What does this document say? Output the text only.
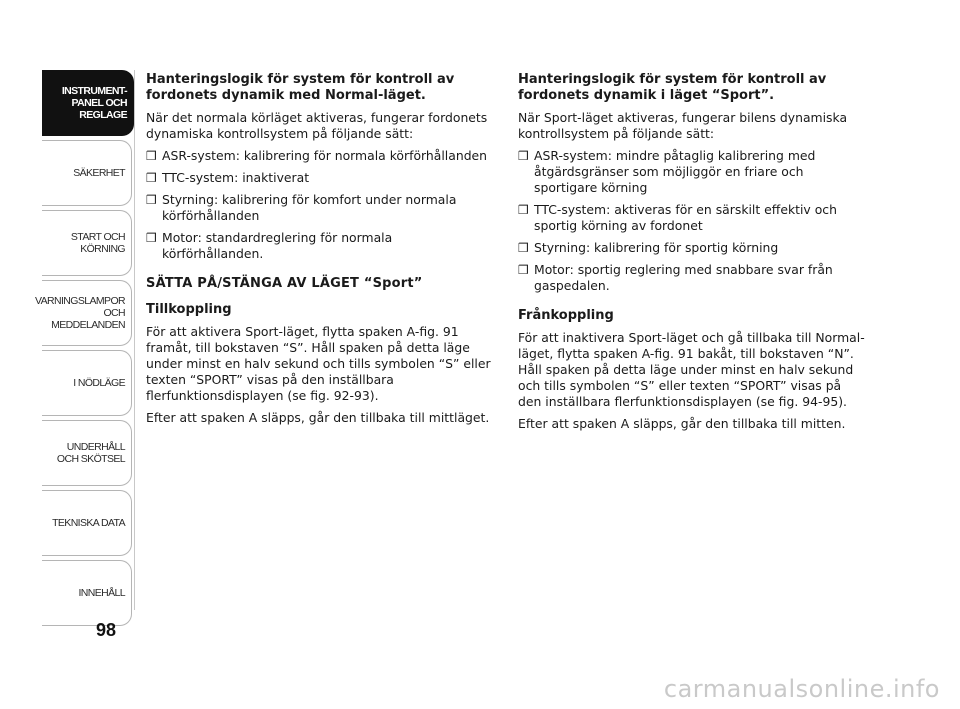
INSTRUMENT-
PANEL OCH
REGLAGE
SÄKERHET
START OCH
KÖRNING
VARNINGSLAMPOR
OCH
MEDDELANDEN
I NÖDLÄGE
UNDERHÅLL
OCH SKÖTSEL
TEKNISKA DATA
INNEHÅLL
98
Hanteringslogik för system för kontroll av fordonets dynamik med Normal-läget.
När det normala körläget aktiveras, fungerar fordonets dynamiska kontrollsystem på följande sätt:
❒ ASR-system: kalibrering för normala körförhållanden
❒ TTC-system: inaktiverat
❒ Styrning: kalibrering för komfort under normala körförhållanden
❒ Motor: standardreglering för normala körförhållanden.
SÄTTA PÅ/STÄNGA AV LÄGET “Sport”
Tillkoppling
För att aktivera Sport-läget, flytta spaken A-fig. 91 framåt, till bokstaven “S”. Håll spaken på detta läge under minst en halv sekund och tills symbolen “S” eller texten “SPORT” visas på den inställbara flerfunktionsdisplayen (se fig. 92-93).
Efter att spaken A släpps, går den tillbaka till mittläget.
Hanteringslogik för system för kontroll av fordonets dynamik i läget “Sport”.
När Sport-läget aktiveras, fungerar bilens dynamiska kontrollsystem på följande sätt:
❒ ASR-system: mindre påtaglig kalibrering med åtgärdsgränser som möjliggör en friare och sportigare körning
❒ TTC-system: aktiveras för en särskilt effektiv och sportig körning av fordonet
❒ Styrning: kalibrering för sportig körning
❒ Motor: sportig reglering med snabbare svar från gaspedalen.
Frånkoppling
För att inaktivera Sport-läget och gå tillbaka till Normal-läget, flytta spaken A-fig. 91 bakåt, till bokstaven “N”. Håll spaken på detta läge under minst en halv sekund och tills symbolen “S” eller texten “SPORT” visas på den inställbara flerfunktionsdisplayen (se fig. 94-95).
Efter att spaken A släpps, går den tillbaka till mitten.
carmanualsonline.info
